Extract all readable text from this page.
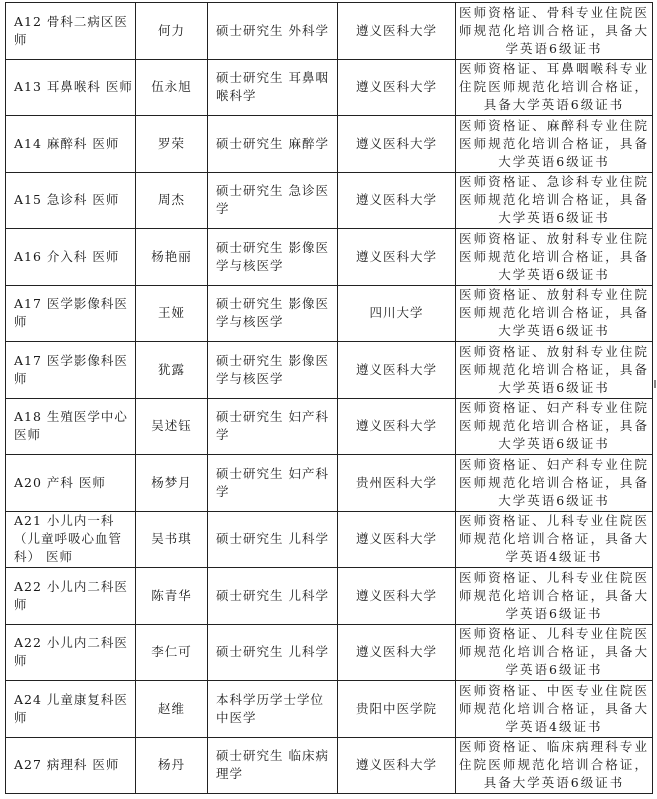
A12 骨科二病区医师	何力	硕士研究生 外科学	遵义医科大学	医师资格证、骨科专业住院医师规范化培训合格证，具备大学英语6级证书
A13 耳鼻喉科 医师	伍永旭	硕士研究生 耳鼻咽喉科学	遵义医科大学	医师资格证、耳鼻咽喉科专业住院医师规范化培训合格证，具备大学英语6级证书
A14 麻醉科 医师	罗荣	硕士研究生 麻醉学	遵义医科大学	医师资格证、麻醉科专业住院医师规范化培训合格证，具备大学英语6级证书
A15 急诊科 医师	周杰	硕士研究生 急诊医学	遵义医科大学	医师资格证、急诊科专业住院医师规范化培训合格证，具备大学英语6级证书
A16 介入科 医师	杨艳丽	硕士研究生 影像医学与核医学	遵义医科大学	医师资格证、放射科专业住院医师规范化培训合格证，具备大学英语6级证书
A17 医学影像科医师	王娅	硕士研究生 影像医学与核医学	四川大学	医师资格证、放射科专业住院医师规范化培训合格证，具备大学英语6级证书
A17 医学影像科医师	犹露	硕士研究生 影像医学与核医学	遵义医科大学	医师资格证、放射科专业住院医师规范化培训合格证，具备大学英语6级证书
A18 生殖医学中心医师	吴述钰	硕士研究生 妇产科学	遵义医科大学	医师资格证、妇产科专业住院医师规范化培训合格证，具备大学英语6级证书
A20 产科 医师	杨梦月	硕士研究生 妇产科学	贵州医科大学	医师资格证、妇产科专业住院医师规范化培训合格证，具备大学英语6级证书
A21 小儿内一科（儿童呼吸心血管科） 医师	吴书琪	硕士研究生 儿科学	遵义医科大学	医师资格证、儿科专业住院医师规范化培训合格证，具备大学英语4级证书
A22 小儿内二科医师	陈青华	硕士研究生 儿科学	遵义医科大学	医师资格证、儿科专业住院医师规范化培训合格证，具备大学英语6级证书
A22 小儿内二科医师	李仁可	硕士研究生 儿科学	遵义医科大学	医师资格证、儿科专业住院医师规范化培训合格证，具备大学英语6级证书
A24 儿童康复科医师	赵维	本科学历学士学位 中医学	贵阳中医学院	医师资格证、中医专业住院医师规范化培训合格证，具备大学英语4级证书
A27 病理科 医师	杨丹	硕士研究生 临床病理学	遵义医科大学	医师资格证、临床病理科专业住院医师规范化培训合格证，具备大学英语6级证书
